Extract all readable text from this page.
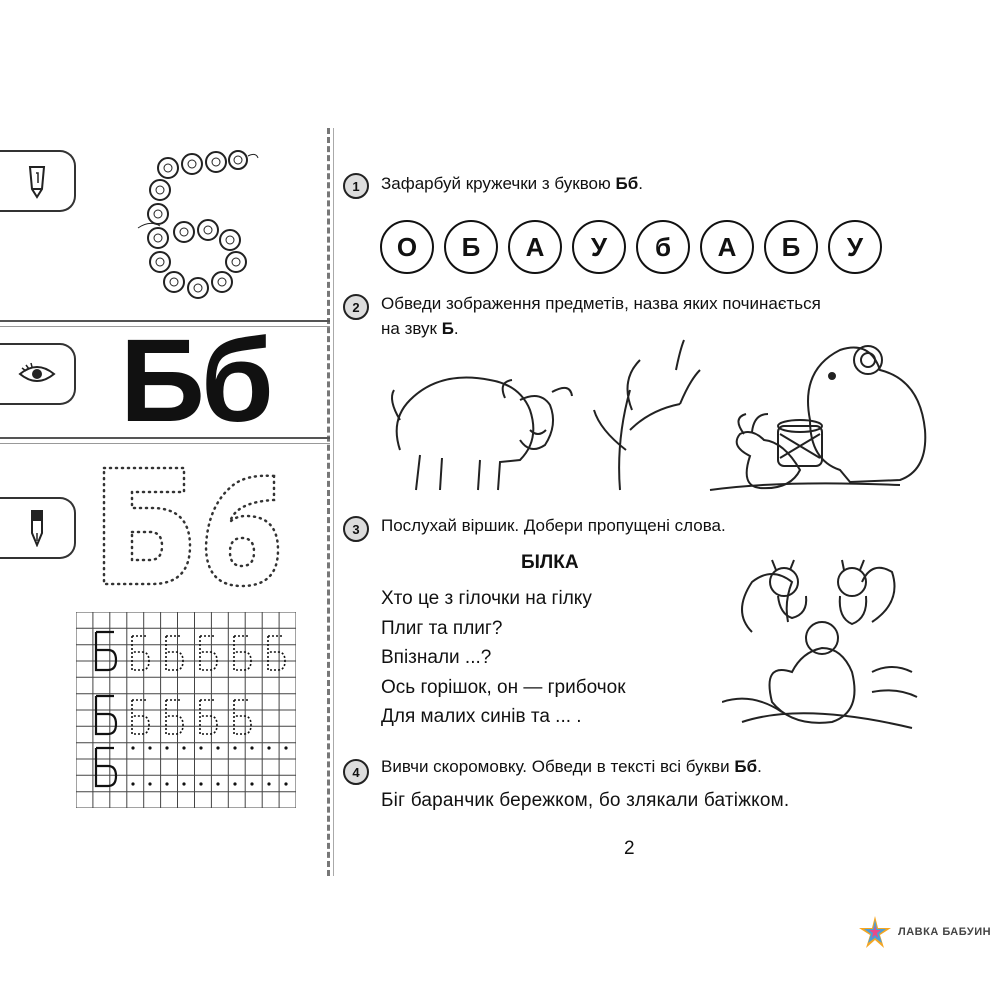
Бб
1	Зафарбуй кружечки з буквою Бб.
О	Б	А	У	б	А	Б	У
2	Обведи зображення предметів, назва яких починається
на звук Б.
3	Послухай віршик. Добери пропущені слова.
БІЛКА
Хто це з гілочки на гілку
Плиг та плиг?
Впізнали ...?
Ось горішок, он — грибочок
Для малих синів та ... .
4	Вивчи скоромовку. Обведи в тексті всі букви Бб.
Біг баранчик бережком, бо злякали батіжком.
2
ЛАВКА БАБУИН
